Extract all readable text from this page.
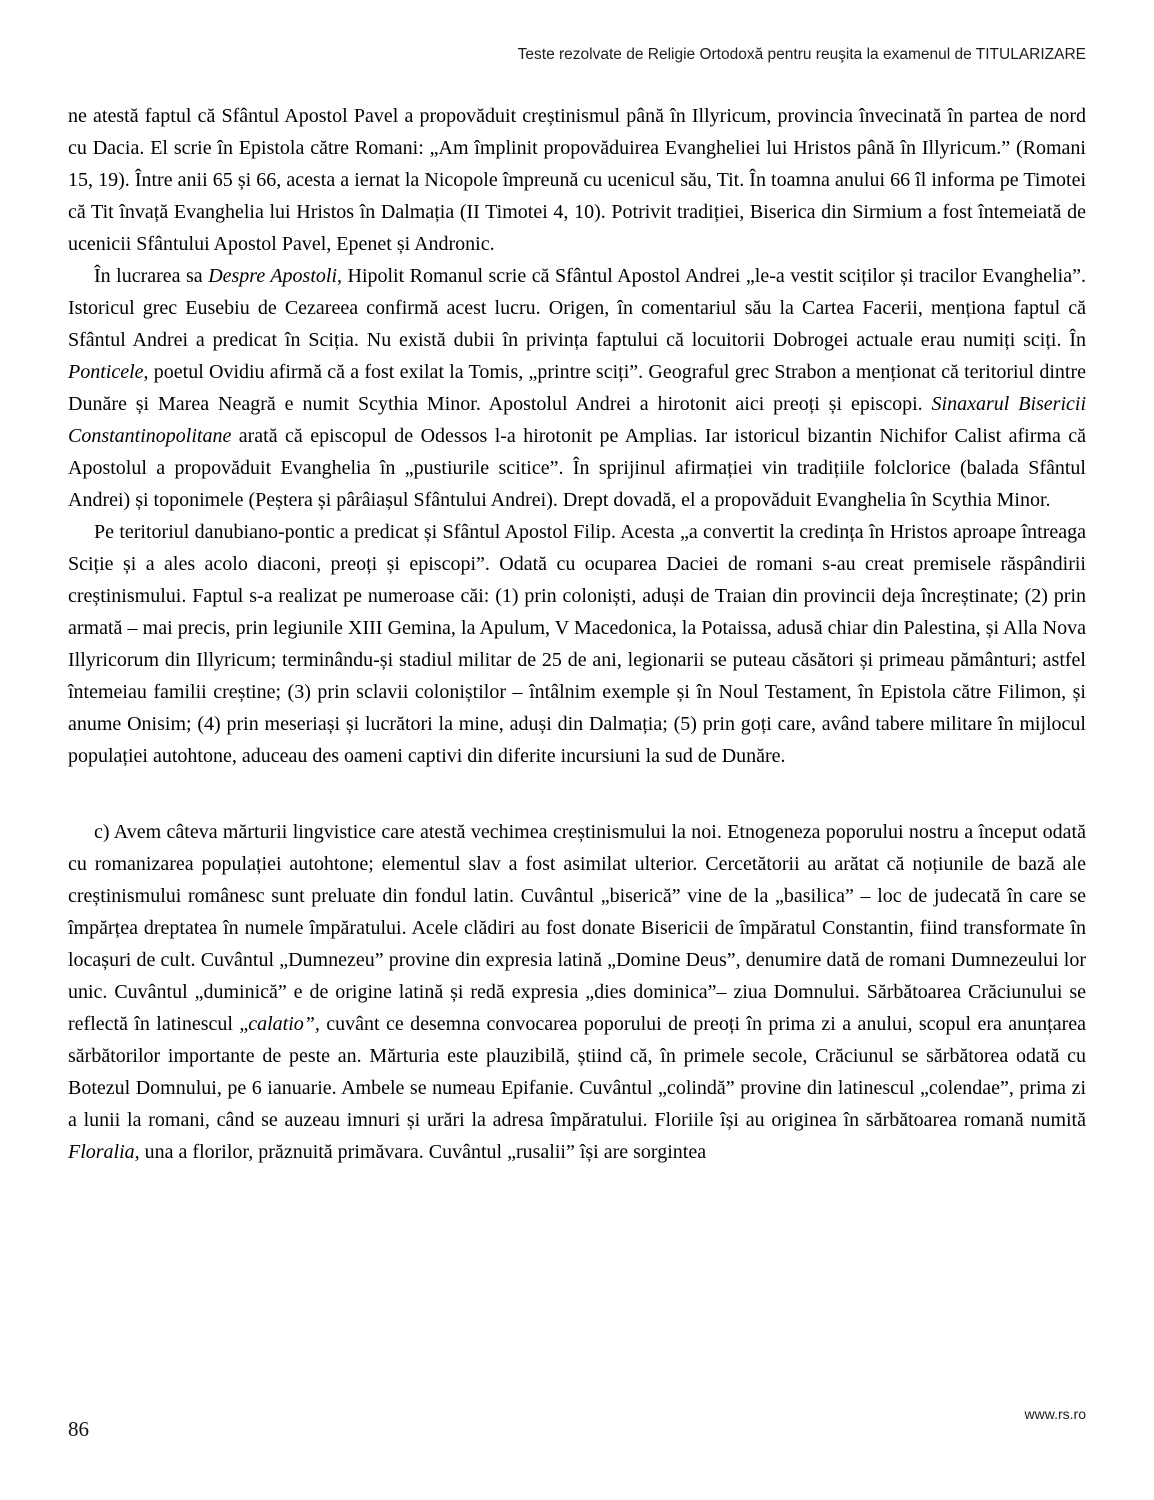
Teste rezolvate de Religie Ortodoxă pentru reuşita la examenul de TITULARIZARE

ne atestă faptul că Sfântul Apostol Pavel a propovăduit creștinismul până în Illyricum, provincia învecinată în partea de nord cu Dacia. El scrie în Epistola către Romani: „Am împlinit propovăduirea Evangheliei lui Hristos până în Illyricum.” (Romani 15, 19). Între anii 65 și 66, acesta a iernat la Nicopole împreună cu ucenicul său, Tit. În toamna anului 66 îl informa pe Timotei că Tit învață Evanghelia lui Hristos în Dalmația (II Timotei 4, 10). Potrivit tradiției, Biserica din Sirmium a fost întemeiată de ucenicii Sfântului Apostol Pavel, Epenet și Andronic.

În lucrarea sa Despre Apostoli, Hipolit Romanul scrie că Sfântul Apostol Andrei „le-a vestit sciților și tracilor Evanghelia”. Istoricul grec Eusebiu de Cezareea confirmă acest lucru. Origen, în comentariul său la Cartea Facerii, menționa faptul că Sfântul Andrei a predicat în Sciția. Nu există dubii în privința faptului că locuitorii Dobrogei actuale erau numiți sciți. În Ponticele, poetul Ovidiu afirmă că a fost exilat la Tomis, „printre sciți”. Geograful grec Strabon a menționat că teritoriul dintre Dunăre și Marea Neagră e numit Scythia Minor. Apostolul Andrei a hirotonit aici preoți și episcopi. Sinaxarul Bisericii Constantinopolitane arată că episcopul de Odessos l-a hirotonit pe Amplias. Iar istoricul bizantin Nichifor Calist afirma că Apostolul a propovăduit Evanghelia în „pustiurile scitice”. În sprijinul afirmației vin tradițiile folclorice (balada Sfântul Andrei) și toponimele (Peștera și pârâiașul Sfântului Andrei). Drept dovadă, el a propovăduit Evanghelia în Scythia Minor.

Pe teritoriul danubiano-pontic a predicat și Sfântul Apostol Filip. Acesta „a convertit la credința în Hristos aproape întreaga Sciție și a ales acolo diaconi, preoți și episcopi”. Odată cu ocuparea Daciei de romani s-au creat premisele răspândirii creștinismului. Faptul s-a realizat pe numeroase căi: (1) prin coloniști, aduși de Traian din provincii deja încreștinate; (2) prin armată – mai precis, prin legiunile XIII Gemina, la Apulum, V Macedonica, la Potaissa, adusă chiar din Palestina, și Alla Nova Illyricorum din Illyricum; terminându-și stadiul militar de 25 de ani, legionarii se puteau căsători și primeau pământuri; astfel întemeiau familii creștine; (3) prin sclavii coloniștilor – întâlnim exemple și în Noul Testament, în Epistola către Filimon, și anume Onisim; (4) prin meseriași și lucrători la mine, aduși din Dalmația; (5) prin goți care, având tabere militare în mijlocul populației autohtone, aduceau des oameni captivi din diferite incursiuni la sud de Dunăre.

c) Avem câteva mărturii lingvistice care atestă vechimea creștinismului la noi. Etnogeneza poporului nostru a început odată cu romanizarea populației autohtone; elementul slav a fost asimilat ulterior. Cercetătorii au arătat că noțiunile de bază ale creștinismului românesc sunt preluate din fondul latin. Cuvântul „biserică” vine de la „basilica” – loc de judecată în care se împărțea dreptatea în numele împăratului. Acele clădiri au fost donate Bisericii de împăratul Constantin, fiind transformate în locașuri de cult. Cuvântul „Dumnezeu” provine din expresia latină „Domine Deus”, denumire dată de romani Dumnezeului lor unic. Cuvântul „duminică” e de origine latină și redă expresia „dies dominica”– ziua Domnului. Sărbătoarea Crăciunului se reflectă în latinescul „calatio”, cuvânt ce desemna convocarea poporului de preoți în prima zi a anului, scopul era anunțarea sărbătorilor importante de peste an. Mărturia este plauzibilă, știind că, în primele secole, Crăciunul se sărbătorea odată cu Botezul Domnului, pe 6 ianuarie. Ambele se numeau Epifanie. Cuvântul „colindă” provine din latinescul „colendae”, prima zi a lunii la romani, când se auzeau imnuri și urări la adresa împăratului. Floriile își au originea în sărbătoarea romană numită Floralia, una a florilor, prăznuită primăvara. Cuvântul „rusalii” își are sorgintea

86
www.rs.ro
